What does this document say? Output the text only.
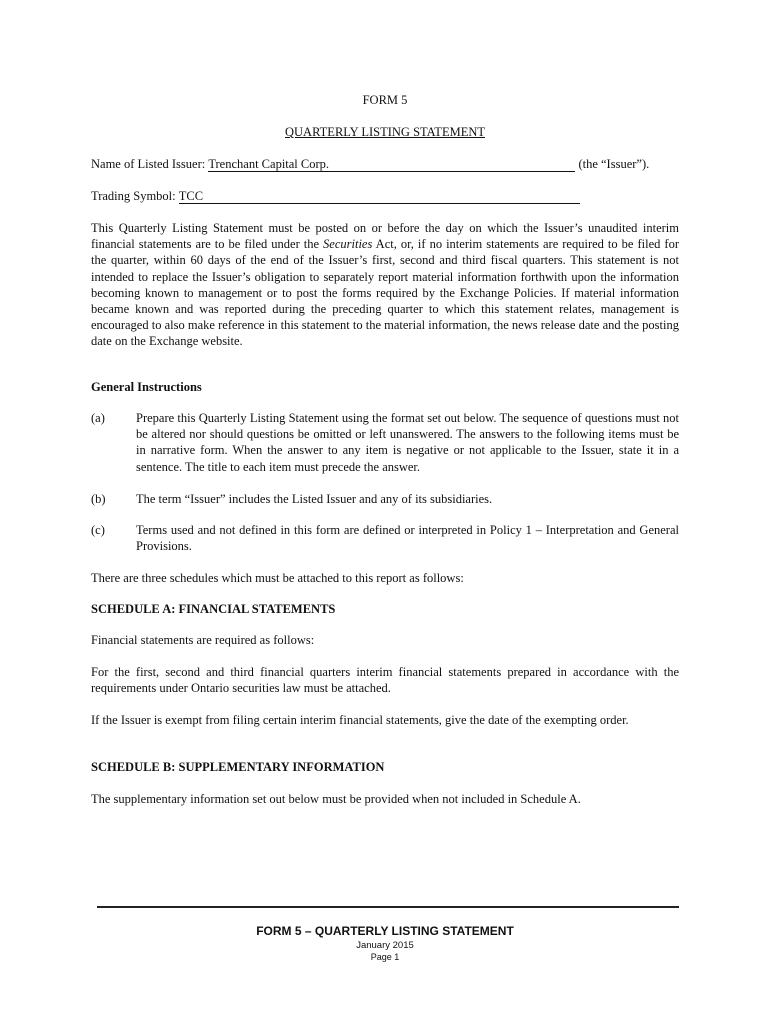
FORM 5
QUARTERLY LISTING STATEMENT
Name of Listed Issuer: Trenchant Capital Corp.	(the “Issuer”).
Trading Symbol: TCC
This Quarterly Listing Statement must be posted on or before the day on which the Issuer’s unaudited interim financial statements are to be filed under the Securities Act, or, if no interim statements are required to be filed for the quarter, within 60 days of the end of the Issuer’s first, second and third fiscal quarters. This statement is not intended to replace the Issuer’s obligation to separately report material information forthwith upon the information becoming known to management or to post the forms required by the Exchange Policies. If material information became known and was reported during the preceding quarter to which this statement relates, management is encouraged to also make reference in this statement to the material information, the news release date and the posting date on the Exchange website.
General Instructions
(a) Prepare this Quarterly Listing Statement using the format set out below. The sequence of questions must not be altered nor should questions be omitted or left unanswered. The answers to the following items must be in narrative form. When the answer to any item is negative or not applicable to the Issuer, state it in a sentence. The title to each item must precede the answer.
(b) The term “Issuer” includes the Listed Issuer and any of its subsidiaries.
(c) Terms used and not defined in this form are defined or interpreted in Policy 1 – Interpretation and General Provisions.
There are three schedules which must be attached to this report as follows:
SCHEDULE A: FINANCIAL STATEMENTS
Financial statements are required as follows:
For the first, second and third financial quarters interim financial statements prepared in accordance with the requirements under Ontario securities law must be attached.
If the Issuer is exempt from filing certain interim financial statements, give the date of the exempting order.
SCHEDULE B: SUPPLEMENTARY INFORMATION
The supplementary information set out below must be provided when not included in Schedule A.
FORM 5 – QUARTERLY LISTING STATEMENT
January 2015
Page 1
